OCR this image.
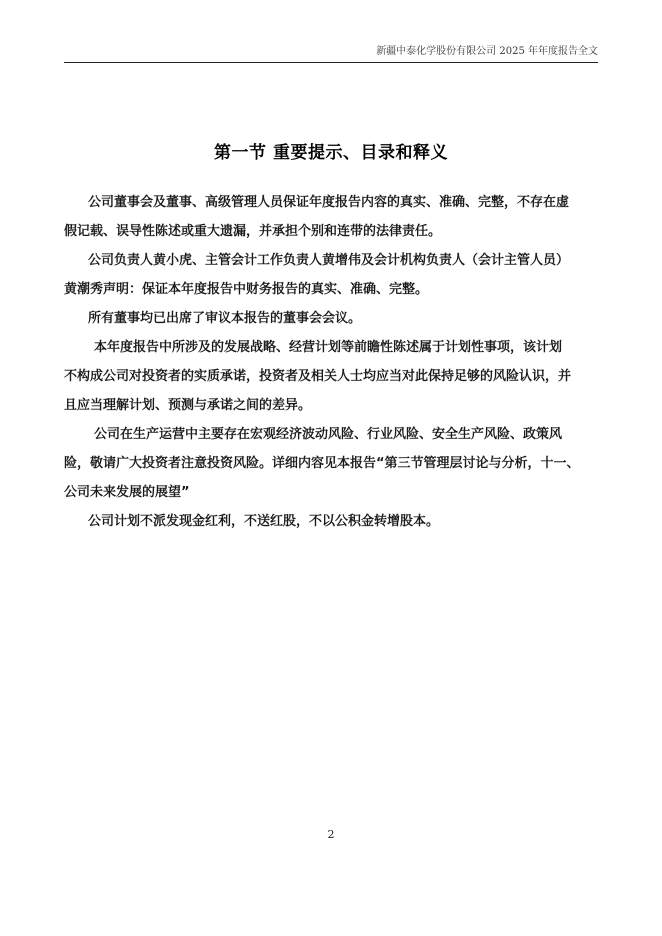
新疆中泰化学股份有限公司 2025 年年度报告全文
第一节 重要提示、目录和释义

公司董事会及董事、高级管理人员保证年度报告内容的真实、准确、完整，不存在虚
假记载、误导性陈述或重大遗漏，并承担个别和连带的法律责任。

公司负责人黄小虎、主管会计工作负责人黄增伟及会计机构负责人（会计主管人员）
黄潮秀声明：保证本年度报告中财务报告的真实、准确、完整。

所有董事均已出席了审议本报告的董事会会议。

本年度报告中所涉及的发展战略、经营计划等前瞻性陈述属于计划性事项，该计划
不构成公司对投资者的实质承诺，投资者及相关人士均应当对此保持足够的风险认识，并
且应当理解计划、预测与承诺之间的差异。

公司在生产运营中主要存在宏观经济波动风险、行业风险、安全生产风险、政策风
险，敬请广大投资者注意投资风险。详细内容见本报告“第三节管理层讨论与分析，十一、
公司未来发展的展望”

公司计划不派发现金红利，不送红股，不以公积金转增股本。

2
